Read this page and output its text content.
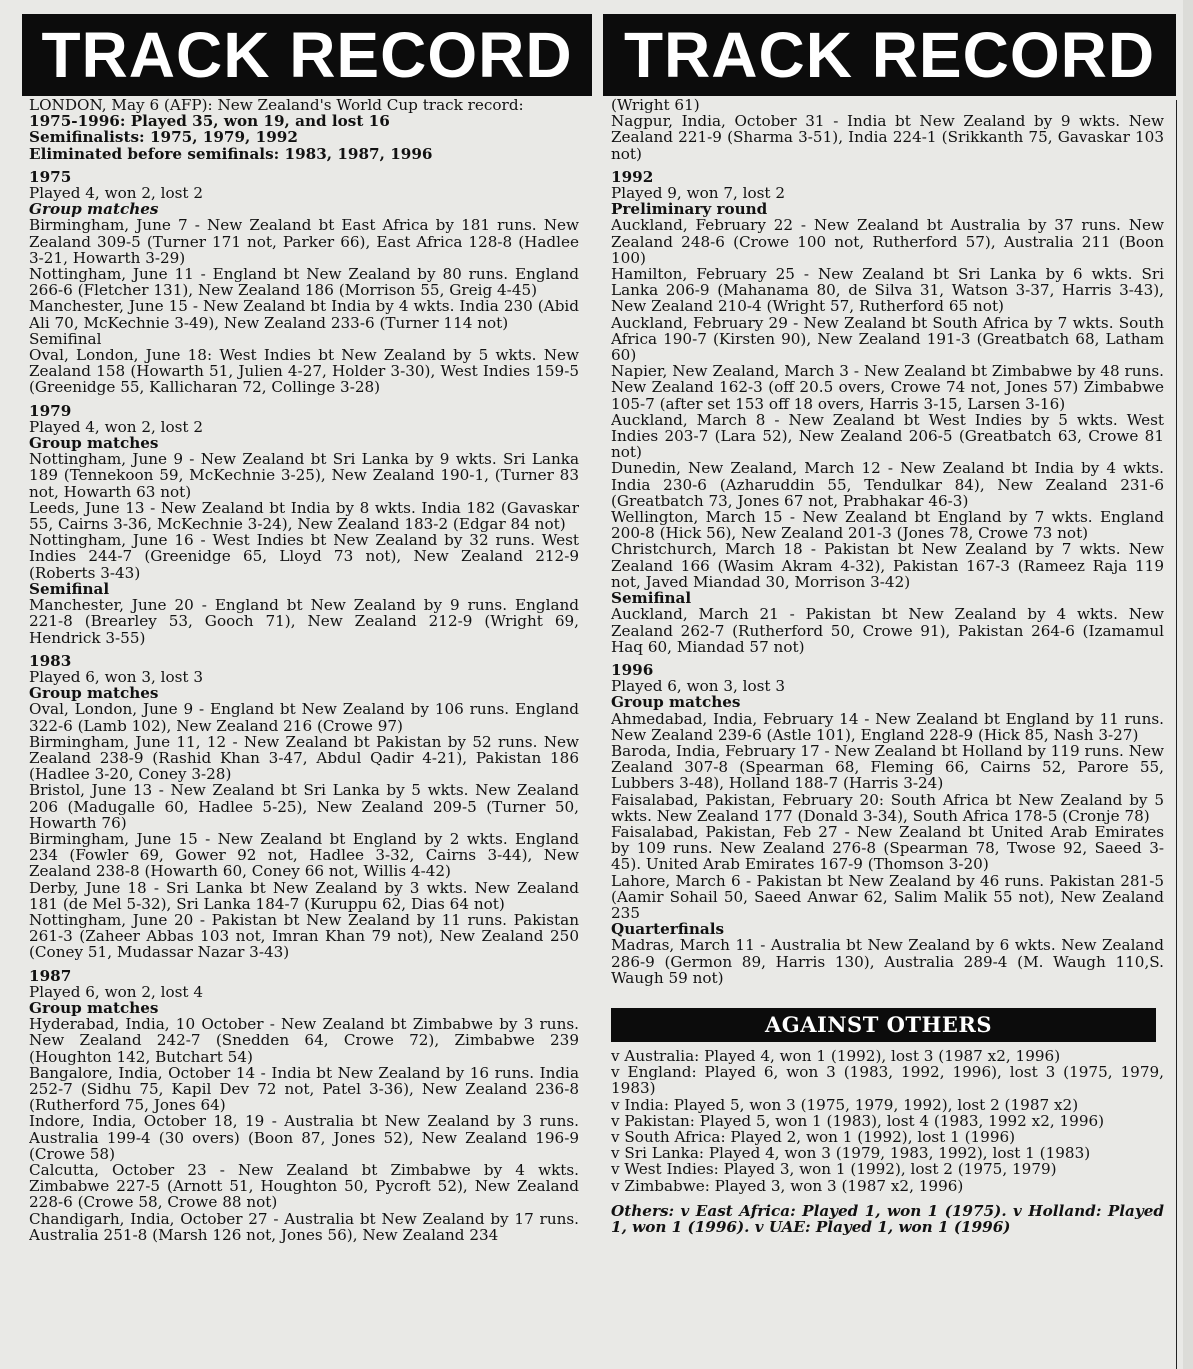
TRACK RECORD TRACK RECORD

LONDON, May 6 (AFP): New Zealand's World Cup track record:

1975-1996: Played 35, won 19, and lost 16

Semifinalists: 1975, 1979, 1992

Eliminated before semifinals: 1983, 1987, 1996

1975

Played 4, won 2, lost 2

Group matches

Birmingham, June 7 - New Zealand bt East Africa by 181 runs. New Zealand 309-5 (Turner 171 not, Parker 66), East Africa 128-8 (Hadlee 3-21, Howarth 3-29)

Nottingham, June 11 - England bt New Zealand by 80 runs. England 266-6 (Fletcher 131), New Zealand 186 (Morrison 55, Greig 4-45)

Manchester, June 15 - New Zealand bt India by 4 wkts. India 230 (Abid Ali 70, McKechnie 3-49), New Zealand 233-6 (Turner 114 not)

Semifinal

Oval, London, June 18: West Indies bt New Zealand by 5 wkts. New Zealand 158 (Howarth 51, Julien 4-27, Holder 3-30), West Indies 159-5 (Greenidge 55, Kallicharan 72, Collinge 3-28)

1979

Played 4, won 2, lost 2

Group matches

Nottingham, June 9 - New Zealand bt Sri Lanka by 9 wkts. Sri Lanka 189 (Tennekoon 59, McKechnie 3-25), New Zealand 190-1, (Turner 83 not, Howarth 63 not)

Leeds, June 13 - New Zealand bt India by 8 wkts. India 182 (Gavaskar 55, Cairns 3-36, McKechnie 3-24), New Zealand 183-2 (Edgar 84 not)

Nottingham, June 16 - West Indies bt New Zealand by 32 runs. West Indies 244-7 (Greenidge 65, Lloyd 73 not), New Zealand 212-9 (Roberts 3-43)

Semifinal

Manchester, June 20 - England bt New Zealand by 9 runs. England 221-8 (Brearley 53, Gooch 71), New Zealand 212-9 (Wright 69, Hendrick 3-55)

1983

Played 6, won 3, lost 3

Group matches

Oval, London, June 9 - England bt New Zealand by 106 runs. England 322-6 (Lamb 102), New Zealand 216 (Crowe 97)

Birmingham, June 11, 12 - New Zealand bt Pakistan by 52 runs. New Zealand 238-9 (Rashid Khan 3-47, Abdul Qadir 4-21), Pakistan 186 (Hadlee 3-20, Coney 3-28)

Bristol, June 13 - New Zealand bt Sri Lanka by 5 wkts. New Zealand 206 (Madugalle 60, Hadlee 5-25), New Zealand 209-5 (Turner 50, Howarth 76)

Birmingham, June 15 - New Zealand bt England by 2 wkts. England 234 (Fowler 69, Gower 92 not, Hadlee 3-32, Cairns 3-44), New Zealand 238-8 (Howarth 60, Coney 66 not, Willis 4-42)

Derby, June 18 - Sri Lanka bt New Zealand by 3 wkts. New Zealand 181 (de Mel 5-32), Sri Lanka 184-7 (Kuruppu 62, Dias 64 not)

Nottingham, June 20 - Pakistan bt New Zealand by 11 runs. Pakistan 261-3 (Zaheer Abbas 103 not, Imran Khan 79 not), New Zealand 250 (Coney 51, Mudassar Nazar 3-43)

1987

Played 6, won 2, lost 4

Group matches

Hyderabad, India, 10 October - New Zealand bt Zimbabwe by 3 runs. New Zealand 242-7 (Snedden 64, Crowe 72), Zimbabwe 239 (Houghton 142, Butchart 54)

Bangalore, India, October 14 - India bt New Zealand by 16 runs. India 252-7 (Sidhu 75, Kapil Dev 72 not, Patel 3-36), New Zealand 236-8 (Rutherford 75, Jones 64)

Indore, India, October 18, 19 - Australia bt New Zealand by 3 runs. Australia 199-4 (30 overs) (Boon 87, Jones 52), New Zealand 196-9 (Crowe 58)

Calcutta, October 23 - New Zealand bt Zimbabwe by 4 wkts. Zimbabwe 227-5 (Arnott 51, Houghton 50, Pycroft 52), New Zealand 228-6 (Crowe 58, Crowe 88 not)

Chandigarh, India, October 27 - Australia bt New Zealand by 17 runs. Australia 251-8 (Marsh 126 not, Jones 56), New Zealand 234

(Wright 61)

Nagpur, India, October 31 - India bt New Zealand by 9 wkts. New Zealand 221-9 (Sharma 3-51), India 224-1 (Srikkanth 75, Gavaskar 103 not)

1992

Played 9, won 7, lost 2

Preliminary round

Auckland, February 22 - New Zealand bt Australia by 37 runs. New Zealand 248-6 (Crowe 100 not, Rutherford 57), Australia 211 (Boon 100)

Hamilton, February 25 - New Zealand bt Sri Lanka by 6 wkts. Sri Lanka 206-9 (Mahanama 80, de Silva 31, Watson 3-37, Harris 3-43), New Zealand 210-4 (Wright 57, Rutherford 65 not)

Auckland, February 29 - New Zealand bt South Africa by 7 wkts. South Africa 190-7 (Kirsten 90), New Zealand 191-3 (Greatbatch 68, Latham 60)

Napier, New Zealand, March 3 - New Zealand bt Zimbabwe by 48 runs. New Zealand 162-3 (off 20.5 overs, Crowe 74 not, Jones 57) Zimbabwe 105-7 (after set 153 off 18 overs, Harris 3-15, Larsen 3-16)

Auckland, March 8 - New Zealand bt West Indies by 5 wkts. West Indies 203-7 (Lara 52), New Zealand 206-5 (Greatbatch 63, Crowe 81 not)

Dunedin, New Zealand, March 12 - New Zealand bt India by 4 wkts. India 230-6 (Azharuddin 55, Tendulkar 84), New Zealand 231-6 (Greatbatch 73, Jones 67 not, Prabhakar 46-3)

Wellington, March 15 - New Zealand bt England by 7 wkts. England 200-8 (Hick 56), New Zealand 201-3 (Jones 78, Crowe 73 not)

Christchurch, March 18 - Pakistan bt New Zealand by 7 wkts. New Zealand 166 (Wasim Akram 4-32), Pakistan 167-3 (Rameez Raja 119 not, Javed Miandad 30, Morrison 3-42)

Semifinal

Auckland, March 21 - Pakistan bt New Zealand by 4 wkts. New Zealand 262-7 (Rutherford 50, Crowe 91), Pakistan 264-6 (Izamamul Haq 60, Miandad 57 not)

1996

Played 6, won 3, lost 3

Group matches

Ahmedabad, India, February 14 - New Zealand bt England by 11 runs. New Zealand 239-6 (Astle 101), England 228-9 (Hick 85, Nash 3-27)

Baroda, India, February 17 - New Zealand bt Holland by 119 runs. New Zealand 307-8 (Spearman 68, Fleming 66, Cairns 52, Parore 55, Lubbers 3-48), Holland 188-7 (Harris 3-24)

Faisalabad, Pakistan, February 20: South Africa bt New Zealand by 5 wkts. New Zealand 177 (Donald 3-34), South Africa 178-5 (Cronje 78)

Faisalabad, Pakistan, Feb 27 - New Zealand bt United Arab Emirates by 109 runs. New Zealand 276-8 (Spearman 78, Twose 92, Saeed 3-45). United Arab Emirates 167-9 (Thomson 3-20)

Lahore, March 6 - Pakistan bt New Zealand by 46 runs. Pakistan 281-5 (Aamir Sohail 50, Saeed Anwar 62, Salim Malik 55 not), New Zealand 235

Quarterfinals

Madras, March 11 - Australia bt New Zealand by 6 wkts. New Zealand 286-9 (Germon 89, Harris 130), Australia 289-4 (M. Waugh 110,S. Waugh 59 not)

AGAINST OTHERS

v Australia: Played 4, won 1 (1992), lost 3 (1987 x2, 1996)

v England: Played 6, won 3 (1983, 1992, 1996), lost 3 (1975, 1979, 1983)

v India: Played 5, won 3 (1975, 1979, 1992), lost 2 (1987 x2)

v Pakistan: Played 5, won 1 (1983), lost 4 (1983, 1992 x2, 1996)

v South Africa: Played 2, won 1 (1992), lost 1 (1996)

v Sri Lanka: Played 4, won 3 (1979, 1983, 1992), lost 1 (1983)

v West Indies: Played 3, won 1 (1992), lost 2 (1975, 1979)

v Zimbabwe: Played 3, won 3 (1987 x2, 1996)

Others: v East Africa: Played 1, won 1 (1975). v Holland: Played 1, won 1 (1996). v UAE: Played 1, won 1 (1996)
